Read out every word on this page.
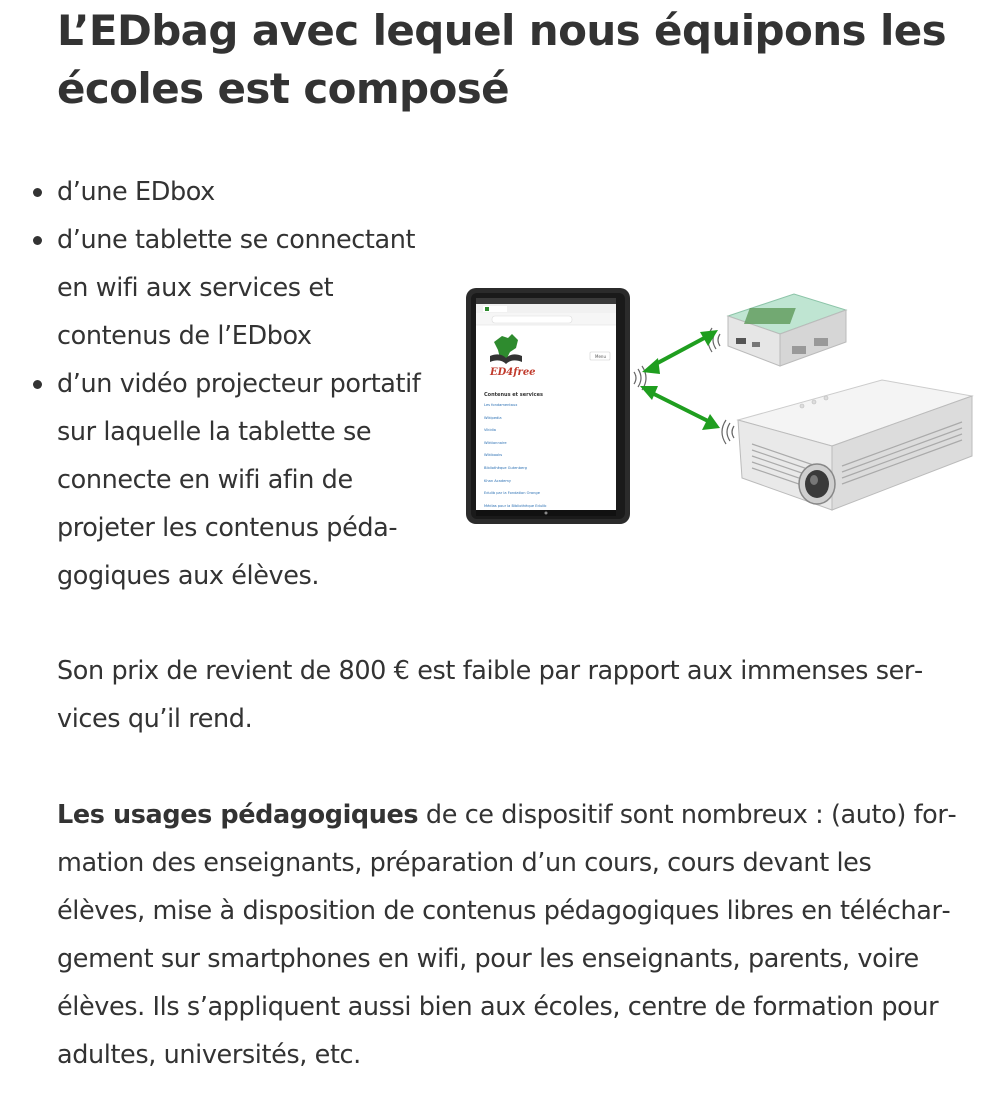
L’EDbag avec lequel nous équipons les écoles est composé
d’une EDbox
d’une tablette se connectant en wifi aux services et contenus de l’EDbox
d’un vidéo projecteur portatif sur laquelle la tablette se connecte en wifi afin de projeter les contenus pédagogiques aux élèves.
ED4free
Menu
Contenus et services
Les fondamentaux
Wikipedia
Vikidia
Wiktionnaire
Wikibooks
Bibliothèque Gutenberg
Khan Academy
Edulib par la Fondation Orange
Médias pour la Bibliothèque Edulib

Son prix de revient de 800 € est faible par rapport aux immenses services qu’il rend.

Les usages pédagogiques de ce dispositif sont nombreux : (auto) formation des enseignants, préparation d’un cours, cours devant les élèves, mise à disposition de contenus pédagogiques libres en téléchargement sur smartphones en wifi, pour les enseignants, parents, voire élèves. Ils s’appliquent aussi bien aux écoles, centre de formation pour adultes, universités, etc.
